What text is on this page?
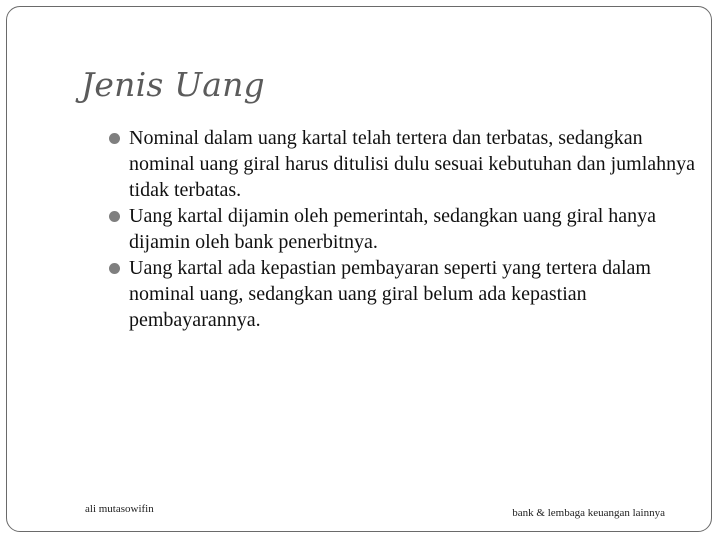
Jenis Uang
Nominal dalam uang kartal telah tertera dan terbatas, sedangkan nominal uang giral harus ditulisi dulu sesuai kebutuhan dan jumlahnya tidak terbatas.
Uang kartal dijamin oleh pemerintah, sedangkan uang giral hanya dijamin oleh bank penerbitnya.
Uang kartal ada kepastian pembayaran seperti yang tertera dalam nominal uang, sedangkan uang giral belum ada kepastian pembayarannya.
ali mutasowifin	bank & lembaga keuangan lainnya
